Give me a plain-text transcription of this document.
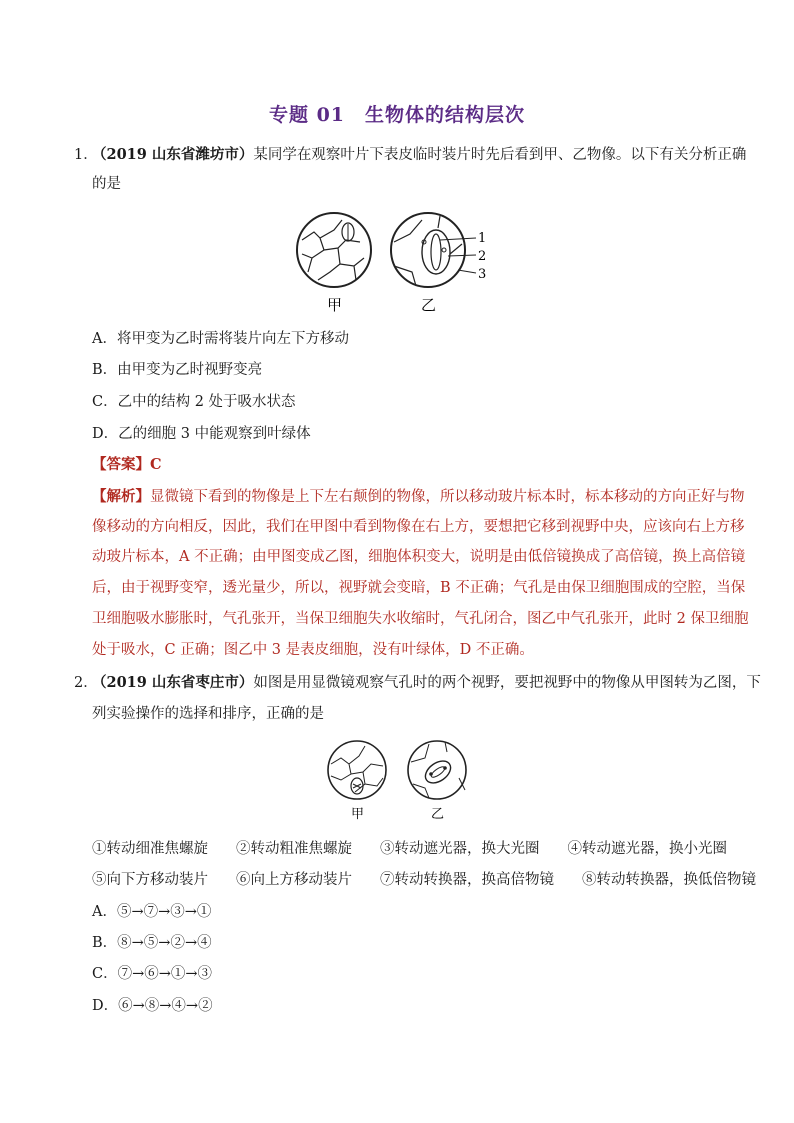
专题 01　生物体的结构层次
1．
（2019 山东省潍坊市）某同学在观察叶片下表皮临时装片时先后看到甲、乙物像。以下有关分析正确
的是
1
2
3
甲	乙
A．将甲变为乙时需将装片向左下方移动
B．由甲变为乙时视野变亮
C．乙中的结构 2 处于吸水状态
D．乙的细胞 3 中能观察到叶绿体
【答案】C
【解析】显微镜下看到的物像是上下左右颠倒的物像，所以移动玻片标本时，标本移动的方向正好与物
像移动的方向相反，因此，我们在甲图中看到物像在右上方，要想把它移到视野中央，应该向右上方移
动玻片标本，A 不正确；由甲图变成乙图，细胞体积变大，说明是由低倍镜换成了高倍镜，换上高倍镜
后，由于视野变窄，透光量少，所以，视野就会变暗，B 不正确；气孔是由保卫细胞围成的空腔，当保
卫细胞吸水膨胀时，气孔张开，当保卫细胞失水收缩时，气孔闭合，图乙中气孔张开，此时 2 保卫细胞
处于吸水，C 正确；图乙中 3 是表皮细胞，没有叶绿体，D 不正确。
2．
（2019 山东省枣庄市）如图是用显微镜观察气孔时的两个视野，要把视野中的物像从甲图转为乙图，下
列实验操作的选择和排序，正确的是
甲	乙
①转动细准焦螺旋 ②转动粗准焦螺旋 ③转动遮光器，换大光圈 ④转动遮光器，换小光圈
⑤向下方移动装片 ⑥向上方移动装片 ⑦转动转换器，换高倍物镜 ⑧转动转换器，换低倍物镜
A．⑤→⑦→③→①
B．⑧→⑤→②→④
C．⑦→⑥→①→③
D．⑥→⑧→④→②
